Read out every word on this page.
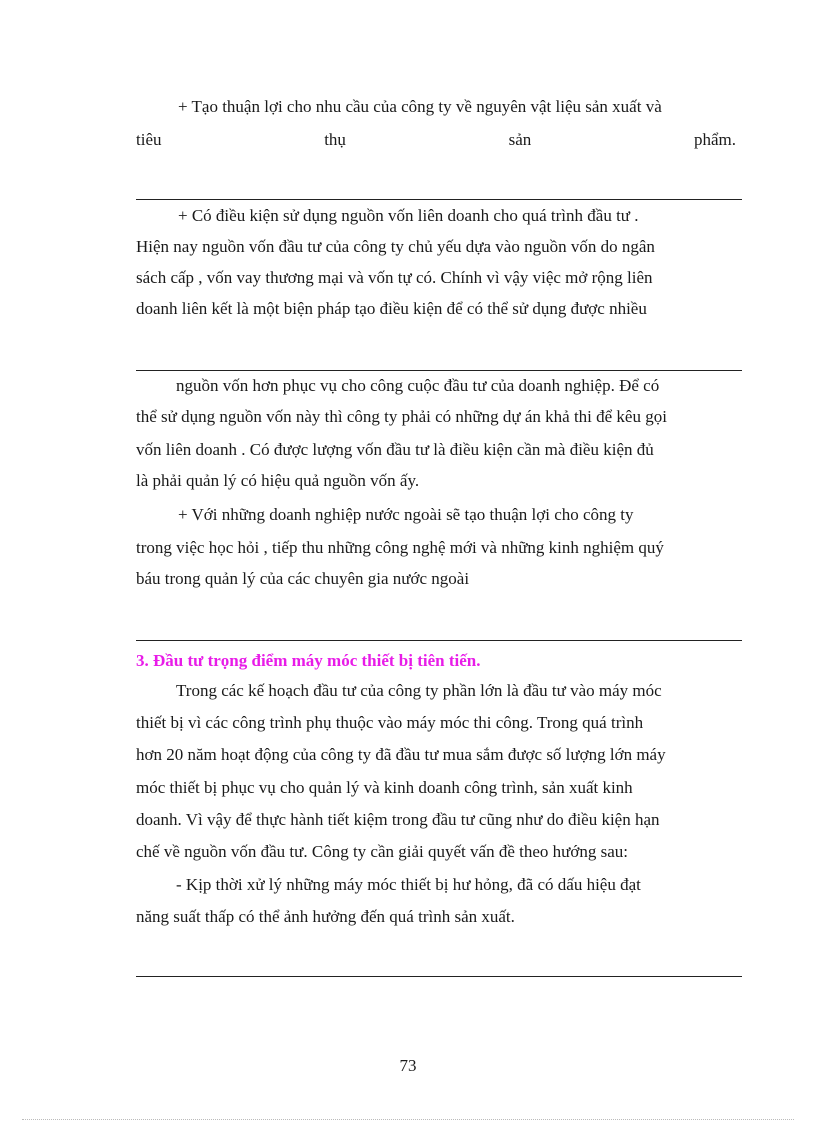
+ Tạo thuận lợi cho nhu cầu của công ty về nguyên vật liệu sản xuất và
tiêu	thụ	sản	phẩm.
+ Có điều kiện sử dụng nguồn vốn liên doanh cho quá trình đầu tư .
Hiện nay nguồn vốn đầu tư của công ty chủ yếu dựa vào nguồn vốn do ngân
sách cấp , vốn vay thương mại và vốn tự có. Chính vì vậy việc mở rộng liên
doanh liên kết là một biện pháp tạo điều kiện để có thể sử dụng được nhiều
nguồn vốn hơn phục vụ cho công cuộc đầu tư của doanh nghiệp. Để có
thể sử dụng nguồn vốn này thì công ty phải có những dự án khả thi để kêu gọi
vốn liên doanh . Có được lượng vốn đầu tư là điều kiện cần mà điều kiện đủ
là phải quản lý có hiệu quả nguồn vốn ấy.
+ Với những doanh nghiệp nước ngoài sẽ tạo thuận lợi cho công ty
trong việc học hỏi , tiếp thu những công nghệ mới và những kinh nghiệm quý
báu trong quản lý của các chuyên gia nước ngoài
3. Đầu tư trọng điểm máy móc thiết bị tiên tiến.
Trong các kế hoạch đầu tư của công ty phần lớn là đầu tư vào máy móc
thiết bị vì các công trình phụ thuộc vào máy móc thi công. Trong quá trình
hơn 20 năm hoạt động của công ty đã đầu tư mua sắm được số lượng lớn máy
móc thiết bị phục vụ cho quản lý và kinh doanh công trình, sản xuất kinh
doanh. Vì vậy để thực hành tiết kiệm trong đầu tư cũng như do điều kiện hạn
chế về nguồn vốn đầu tư. Công ty cần giải quyết vấn đề theo hướng sau:
- Kịp thời xử lý những máy móc thiết bị hư hỏng, đã có dấu hiệu đạt
năng suất thấp có thể ảnh hưởng đến quá trình sản xuất.
73
